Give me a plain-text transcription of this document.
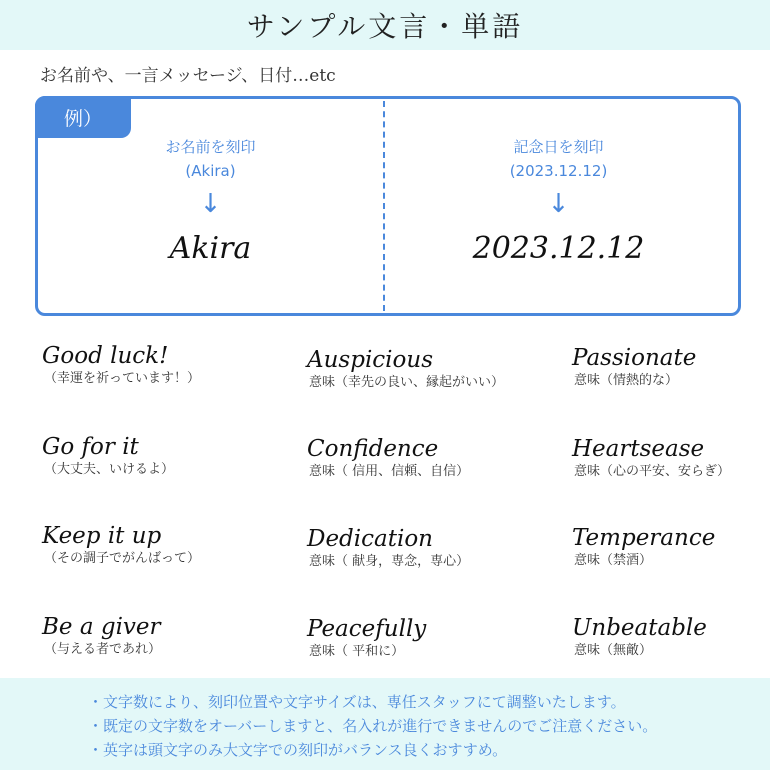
サンプル文言・単語
お名前や、一言メッセージ、日付…etc
例）
お名前を刻印
(Akira)
↓
Akira
記念日を刻印
(2023.12.12)
↓
2023.12.12
Good luck!
（幸運を祈っています！）
Auspicious
意味（幸先の良い、縁起がいい）
Passionate
意味（情熱的な）
Go for it
（大丈夫、いけるよ）
Confidence
意味（ 信用、信頼、自信）
Heartsease
意味（心の平安、安らぎ）
Keep it up
（その調子でがんばって）
Dedication
意味（ 献身，専念，専心）
Temperance
意味（禁酒）
Be a giver
（与える者であれ）
Peacefully
意味（ 平和に）
Unbeatable
意味（無敵）
・文字数により、刻印位置や文字サイズは、専任スタッフにて調整いたします。
・既定の文字数をオーバーしますと、名入れが進行できませんのでご注意ください。
・英字は頭文字のみ大文字での刻印がバランス良くおすすめ。
